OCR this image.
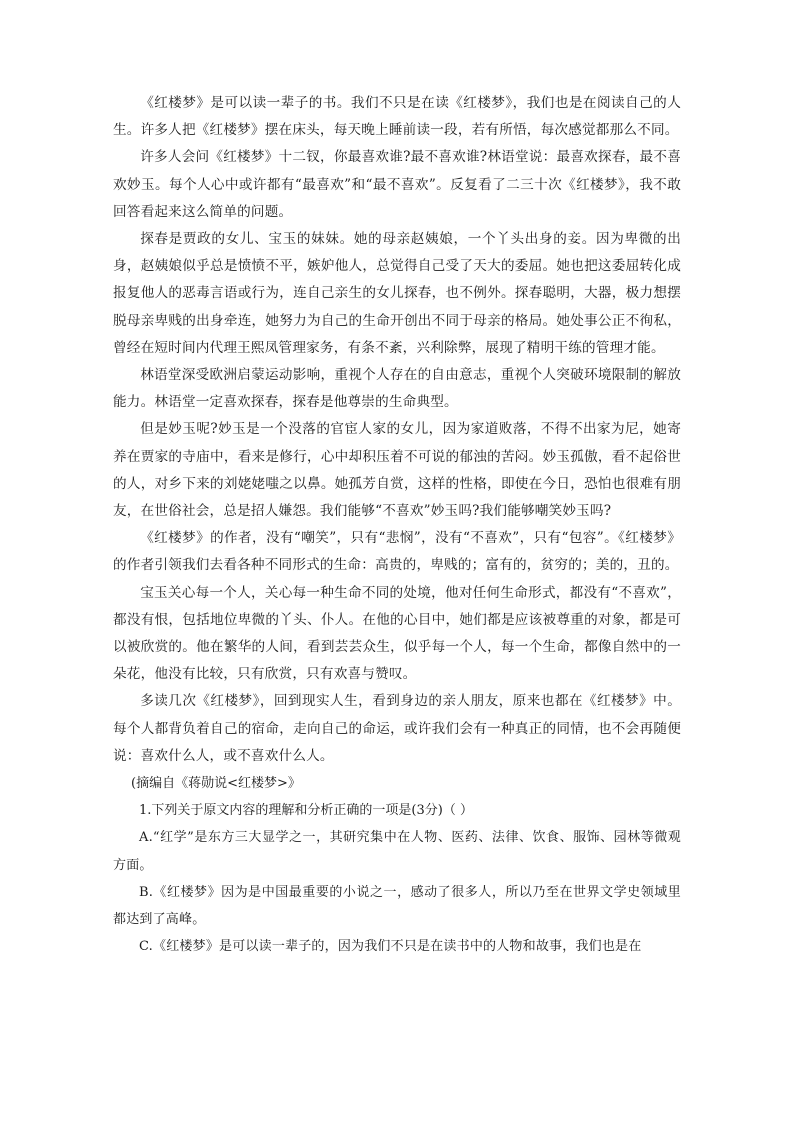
《红楼梦》是可以读一辈子的书。我们不只是在读《红楼梦》，我们也是在阅读自己的人生。许多人把《红楼梦》摆在床头，每天晚上睡前读一段，若有所悟，每次感觉都那么不同。

许多人会问《红楼梦》十二钗，你最喜欢谁?最不喜欢谁?林语堂说：最喜欢探春，最不喜欢妙玉。每个人心中或许都有“最喜欢”和“最不喜欢”。反复看了二三十次《红楼梦》，我不敢回答看起来这么简单的问题。

探春是贾政的女儿、宝玉的妹妹。她的母亲赵姨娘，一个丫头出身的妾。因为卑微的出身，赵姨娘似乎总是愤愤不平，嫉妒他人，总觉得自己受了天大的委屈。她也把这委屈转化成报复他人的恶毒言语或行为，连自己亲生的女儿探春，也不例外。探春聪明，大器，极力想摆脱母亲卑贱的出身牵连，她努力为自己的生命开创出不同于母亲的格局。她处事公正不徇私，曾经在短时间内代理王熙凤管理家务，有条不紊，兴利除弊，展现了精明干练的管理才能。

林语堂深受欧洲启蒙运动影响，重视个人存在的自由意志，重视个人突破环境限制的解放能力。林语堂一定喜欢探春，探春是他尊崇的生命典型。

但是妙玉呢?妙玉是一个没落的官宦人家的女儿，因为家道败落，不得不出家为尼，她寄养在贾家的寺庙中，看来是修行，心中却积压着不可说的郁浊的苦闷。妙玉孤傲，看不起俗世的人，对乡下来的刘姥姥嗤之以鼻。她孤芳自赏，这样的性格，即使在今日，恐怕也很难有朋友，在世俗社会，总是招人嫌怨。我们能够“不喜欢”妙玉吗?我们能够嘲笑妙玉吗?

《红楼梦》的作者，没有“嘲笑”，只有“悲悯”，没有“不喜欢”，只有“包容”。《红楼梦》的作者引领我们去看各种不同形式的生命：高贵的，卑贱的；富有的，贫穷的；美的，丑的。

宝玉关心每一个人，关心每一种生命不同的处境，他对任何生命形式，都没有“不喜欢”，都没有恨，包括地位卑微的丫头、仆人。在他的心目中，她们都是应该被尊重的对象，都是可以被欣赏的。他在繁华的人间，看到芸芸众生，似乎每一个人，每一个生命，都像自然中的一朵花，他没有比较，只有欣赏，只有欢喜与赞叹。

多读几次《红楼梦》，回到现实人生，看到身边的亲人朋友，原来也都在《红楼梦》中。每个人都背负着自己的宿命，走向自己的命运，或许我们会有一种真正的同情，也不会再随便说：喜欢什么人，或不喜欢什么人。

(摘编自《蒋勋说<红楼梦>》

1.下列关于原文内容的理解和分析正确的一项是(3分)（ ）

A.“红学”是东方三大显学之一，其研究集中在人物、医药、法律、饮食、服饰、园林等微观方面。

B.《红楼梦》因为是中国最重要的小说之一，感动了很多人，所以乃至在世界文学史领域里都达到了高峰。

C.《红楼梦》是可以读一辈子的，因为我们不只是在读书中的人物和故事，我们也是在
